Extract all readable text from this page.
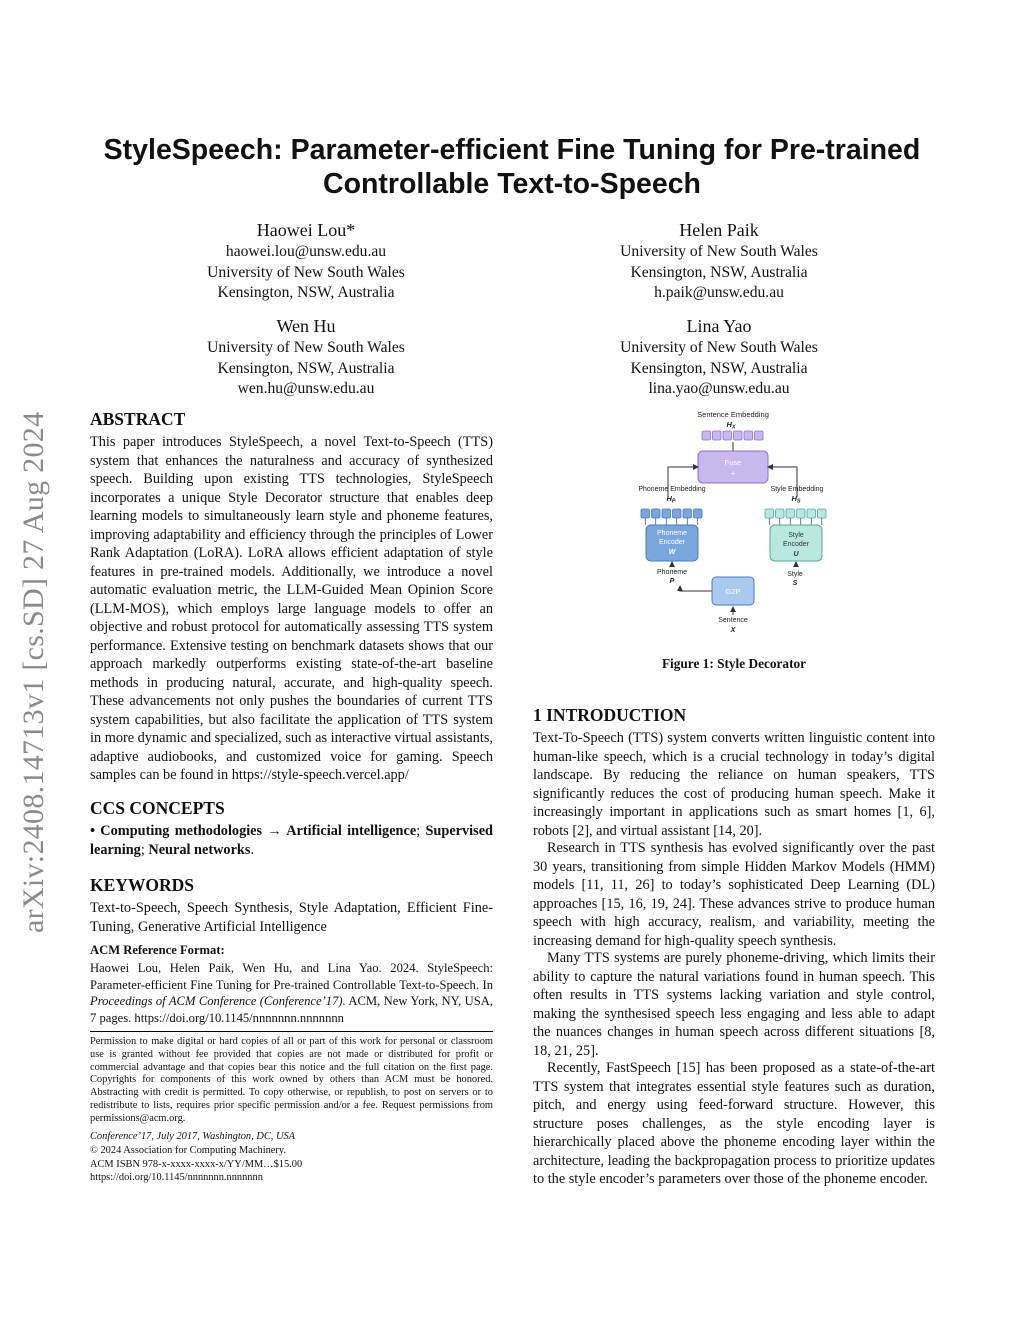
arXiv:2408.14713v1 [cs.SD] 27 Aug 2024
StyleSpeech: Parameter-efficient Fine Tuning for Pre-trained Controllable Text-to-Speech
Haowei Lou*
haowei.lou@unsw.edu.au
University of New South Wales
Kensington, NSW, Australia
Helen Paik
University of New South Wales
Kensington, NSW, Australia
h.paik@unsw.edu.au
Wen Hu
University of New South Wales
Kensington, NSW, Australia
wen.hu@unsw.edu.au
Lina Yao
University of New South Wales
Kensington, NSW, Australia
lina.yao@unsw.edu.au
ABSTRACT
This paper introduces StyleSpeech, a novel Text-to-Speech (TTS) system that enhances the naturalness and accuracy of synthesized speech. Building upon existing TTS technologies, StyleSpeech incorporates a unique Style Decorator structure that enables deep learning models to simultaneously learn style and phoneme features, improving adaptability and efficiency through the principles of Lower Rank Adaptation (LoRA). LoRA allows efficient adaptation of style features in pre-trained models. Additionally, we introduce a novel automatic evaluation metric, the LLM-Guided Mean Opinion Score (LLM-MOS), which employs large language models to offer an objective and robust protocol for automatically assessing TTS system performance. Extensive testing on benchmark datasets shows that our approach markedly outperforms existing state-of-the-art baseline methods in producing natural, accurate, and high-quality speech. These advancements not only pushes the boundaries of current TTS system capabilities, but also facilitate the application of TTS system in more dynamic and specialized, such as interactive virtual assistants, adaptive audiobooks, and customized voice for gaming. Speech samples can be found in https://style-speech.vercel.app/
CCS CONCEPTS
• Computing methodologies → Artificial intelligence; Supervised learning; Neural networks.
KEYWORDS
Text-to-Speech, Speech Synthesis, Style Adaptation, Efficient Fine-Tuning, Generative Artificial Intelligence
ACM Reference Format:
Haowei Lou, Helen Paik, Wen Hu, and Lina Yao. 2024. StyleSpeech: Parameter-efficient Fine Tuning for Pre-trained Controllable Text-to-Speech. In Proceedings of ACM Conference (Conference’17). ACM, New York, NY, USA, 7 pages. https://doi.org/10.1145/nnnnnnn.nnnnnnn
Permission to make digital or hard copies of all or part of this work for personal or classroom use is granted without fee provided that copies are not made or distributed for profit or commercial advantage and that copies bear this notice and the full citation on the first page. Copyrights for components of this work owned by others than ACM must be honored. Abstracting with credit is permitted. To copy otherwise, or republish, to post on servers or to redistribute to lists, requires prior specific permission and/or a fee. Request permissions from permissions@acm.org.
Conference’17, July 2017, Washington, DC, USA
© 2024 Association for Computing Machinery.
ACM ISBN 978-x-xxxx-xxxx-x/YY/MM…$15.00
https://doi.org/10.1145/nnnnnnn.nnnnnnn
Sentence Embedding
$H_X$
Fuse
+
Phoneme Embedding
$H_P$
Style Embedding
$H_S$
Phoneme
Encoder
W
Style
Encoder
U
Phoneme
P
Style
S
G2P
Sentence
X
Figure 1: Style Decorator
1 INTRODUCTION
Text-To-Speech (TTS) system converts written linguistic content into human-like speech, which is a crucial technology in today’s digital landscape. By reducing the reliance on human speakers, TTS significantly reduces the cost of producing human speech. Make it increasingly important in applications such as smart homes [1, 6], robots [2], and virtual assistant [14, 20].
Research in TTS synthesis has evolved significantly over the past 30 years, transitioning from simple Hidden Markov Models (HMM) models [11, 11, 26] to today’s sophisticated Deep Learning (DL) approaches [15, 16, 19, 24]. These advances strive to produce human speech with high accuracy, realism, and variability, meeting the increasing demand for high-quality speech synthesis.
Many TTS systems are purely phoneme-driving, which limits their ability to capture the natural variations found in human speech. This often results in TTS systems lacking variation and style control, making the synthesised speech less engaging and less able to adapt the nuances changes in human speech across different situations [8, 18, 21, 25].
Recently, FastSpeech [15] has been proposed as a state-of-the-art TTS system that integrates essential style features such as duration, pitch, and energy using feed-forward structure. However, this structure poses challenges, as the style encoding layer is hierarchically placed above the phoneme encoding layer within the architecture, leading the backpropagation process to prioritize updates to the style encoder’s parameters over those of the phoneme encoder.
